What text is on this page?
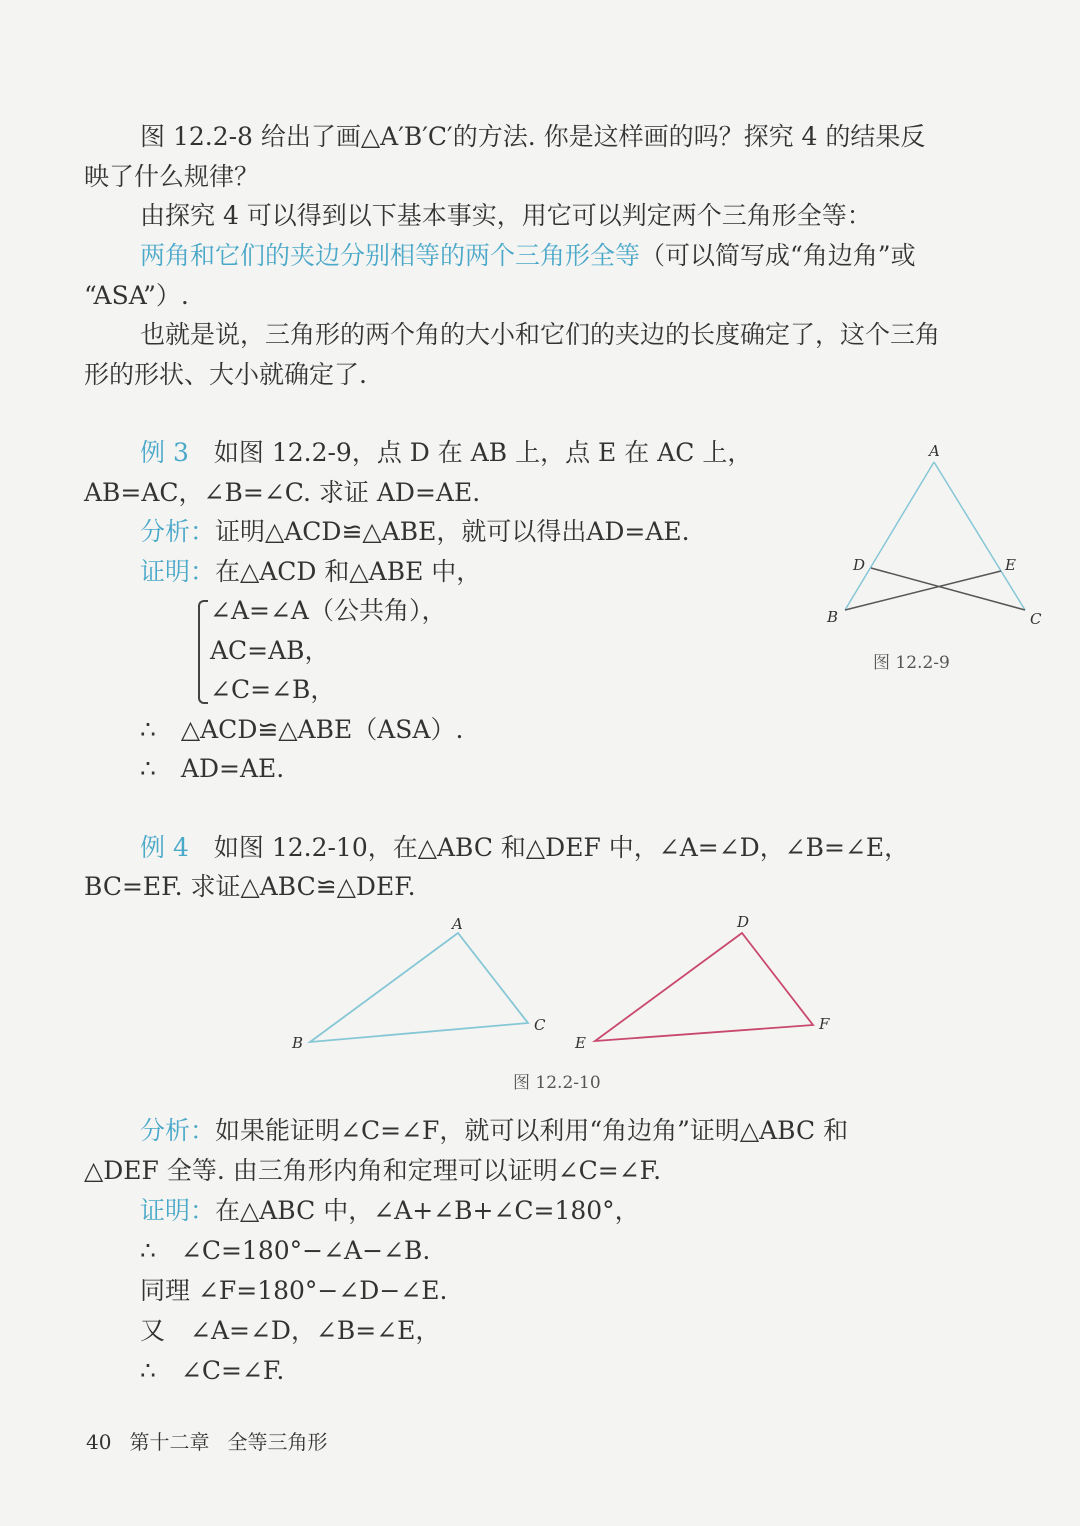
图 12.2-8 给出了画△A′B′C′的方法. 你是这样画的吗？探究 4 的结果反
映了什么规律？
由探究 4 可以得到以下基本事实，用它可以判定两个三角形全等：
两角和它们的夹边分别相等的两个三角形全等（可以简写成“角边角”或
“ASA”）.
也就是说，三角形的两个角的大小和它们的夹边的长度确定了，这个三角
形的形状、大小就确定了.
例 3　 如图 12.2-9，点 D 在 AB 上，点 E 在 AC 上，
AB=AC，∠B=∠C. 求证 AD=AE.
分析：证明△ACD≌△ABE，就可以得出AD=AE.
证明：在△ACD 和△ABE 中，
∠A=∠A（公共角），
AC=AB，
∠C=∠B，
∴　△ACD≌△ABE（ASA）.
∴　AD=AE.
A
D	E
B	C
图 12.2-9
例 4　 如图 12.2-10，在△ABC 和△DEF 中，∠A=∠D，∠B=∠E，
BC=EF. 求证△ABC≌△DEF.
A
B
C
D
E
F
图 12.2-10
分析：如果能证明∠C=∠F，就可以利用“角边角”证明△ABC 和
△DEF 全等. 由三角形内角和定理可以证明∠C=∠F.
证明：在△ABC 中，∠A+∠B+∠C=180°，
∴　∠C=180°−∠A−∠B.
同理 ∠F=180°−∠D−∠E.
又　∠A=∠D，∠B=∠E，
∴　∠C=∠F.
40 第十二章 全等三角形
